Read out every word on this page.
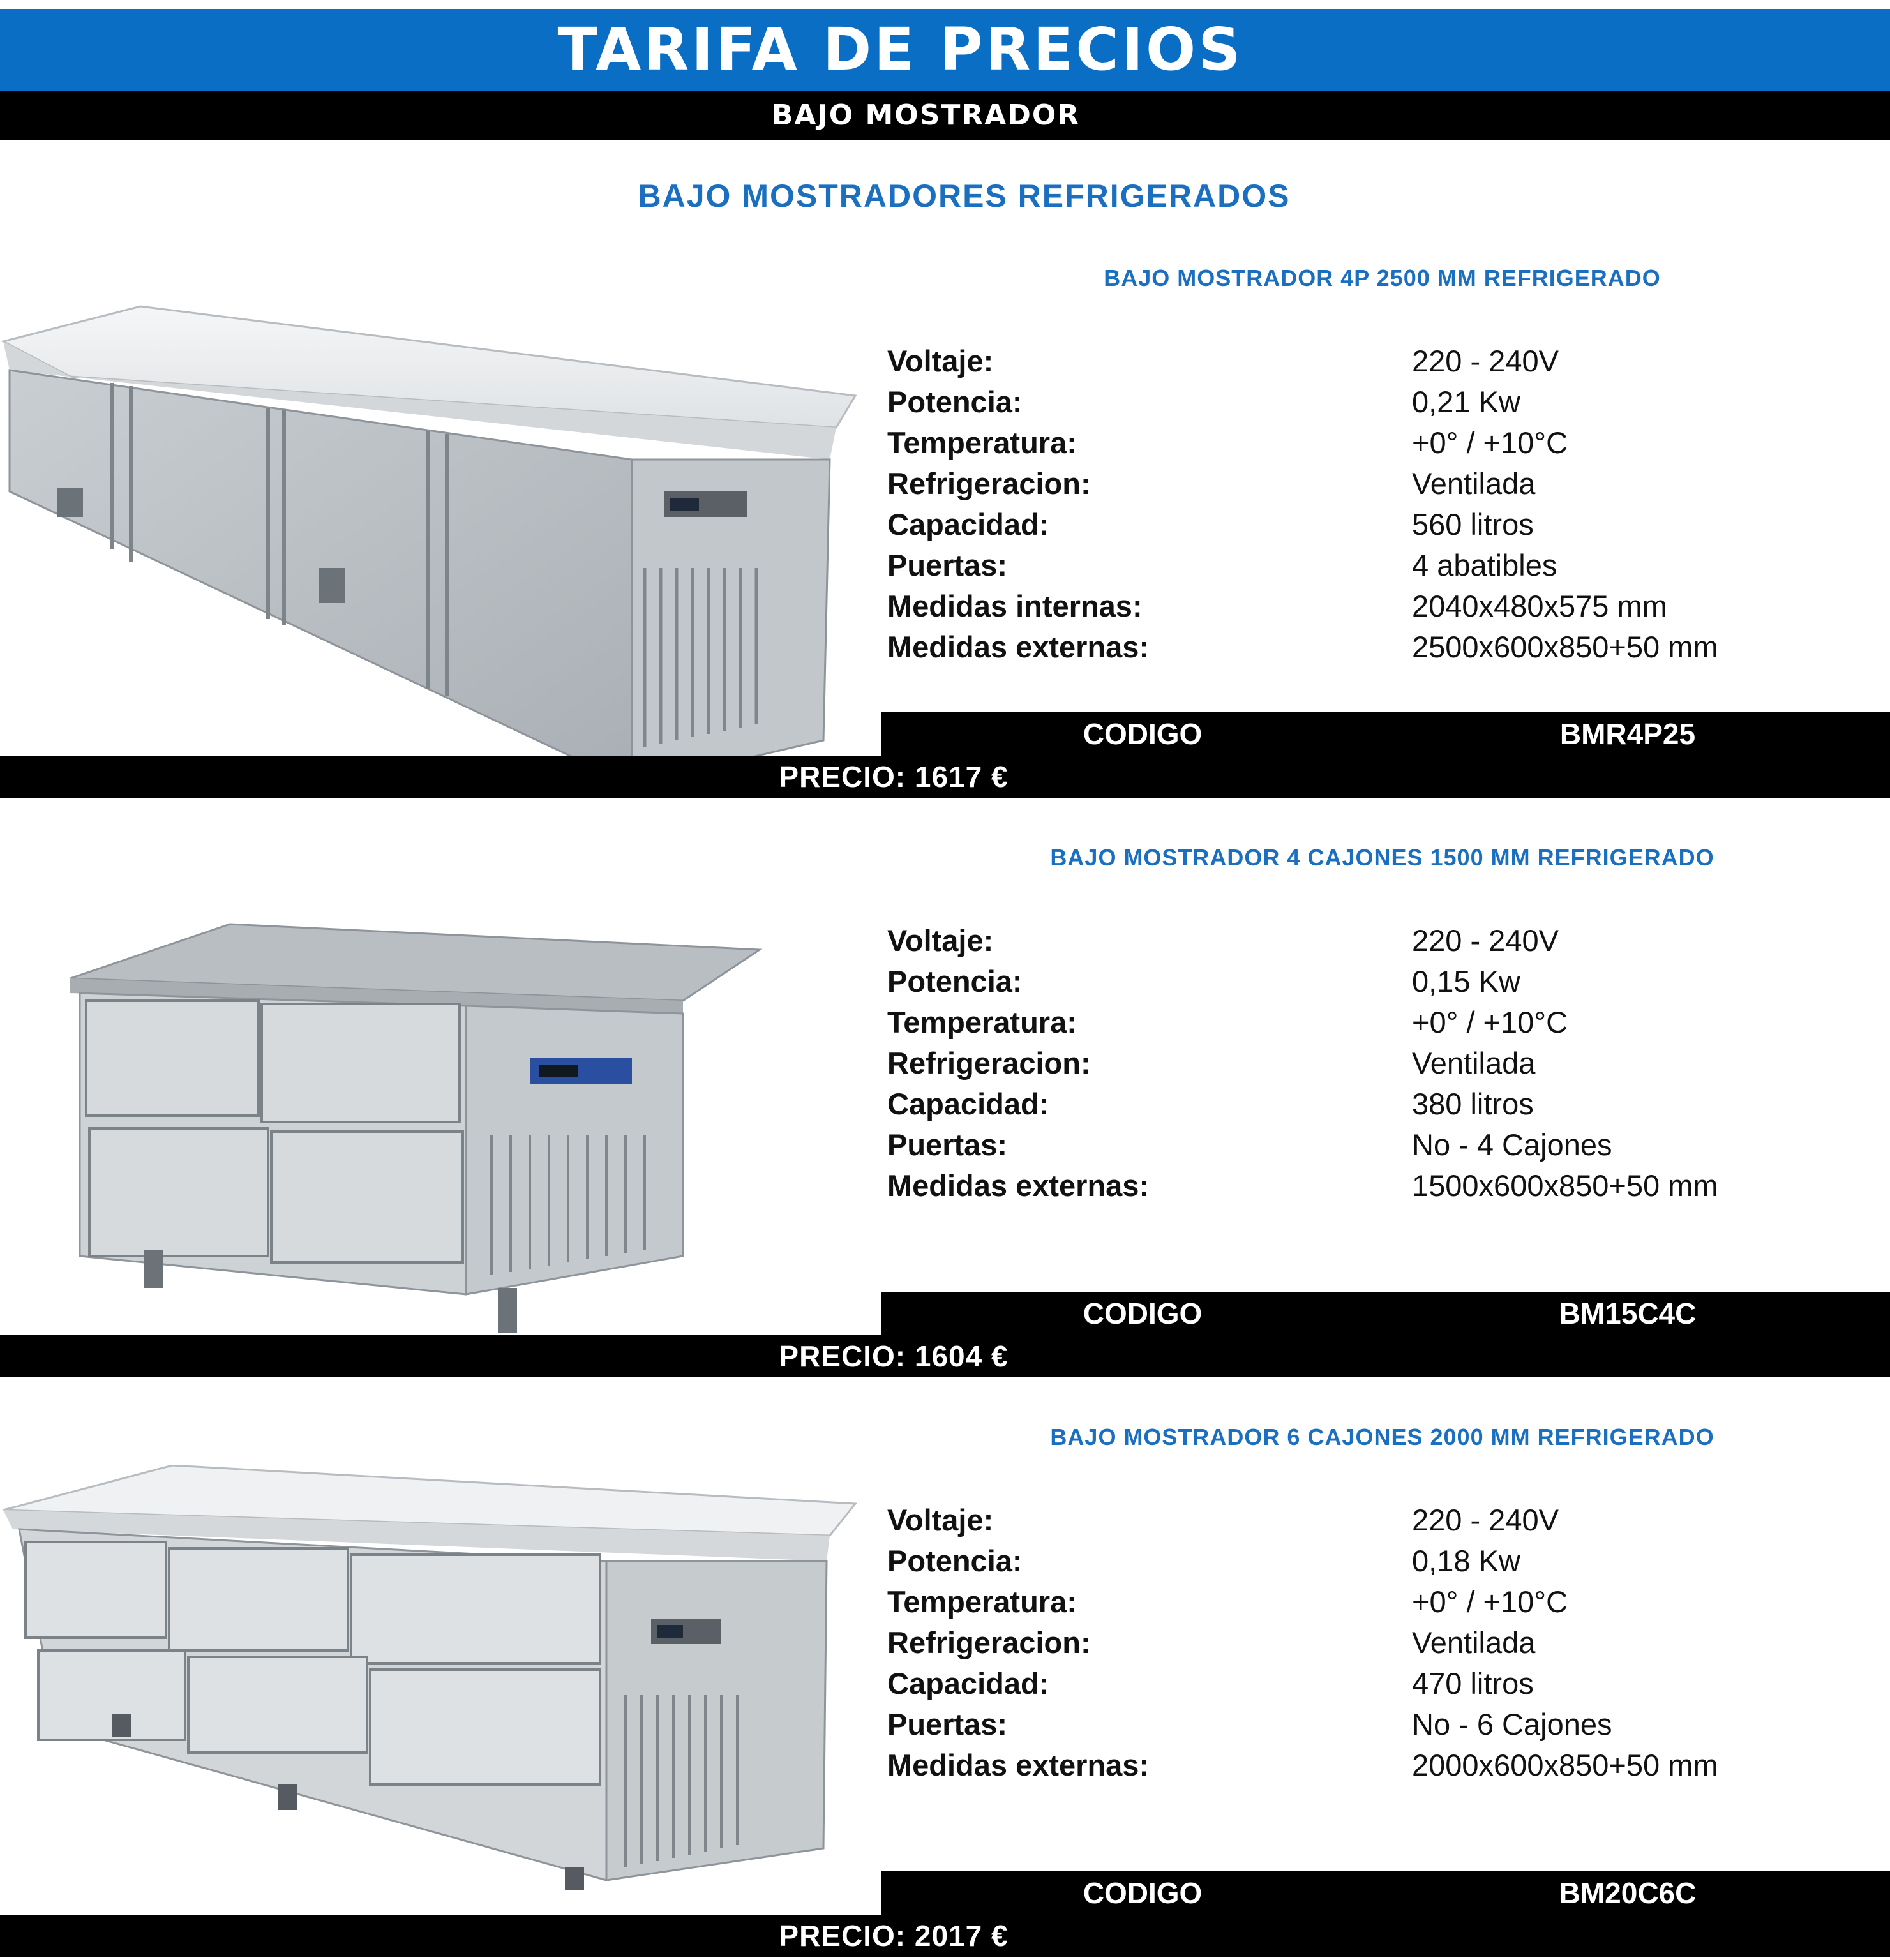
TARIFA DE PRECIOS
BAJO MOSTRADOR
BAJO MOSTRADORES REFRIGERADOS
BAJO MOSTRADOR 4P 2500 MM REFRIGERADO
Voltaje:	220 - 240V
Potencia:	0,21 Kw
Temperatura:	+0° / +10°C
Refrigeracion:	Ventilada
Capacidad:	560 litros
Puertas:	4 abatibles
Medidas internas:	2040x480x575 mm
Medidas externas:	2500x600x850+50 mm
CODIGO	BMR4P25
PRECIO: 1617 €
BAJO MOSTRADOR 4 CAJONES 1500 MM REFRIGERADO
Voltaje:	220 - 240V
Potencia:	0,15 Kw
Temperatura:	+0° / +10°C
Refrigeracion:	Ventilada
Capacidad:	380 litros
Puertas:	No - 4 Cajones
Medidas externas:	1500x600x850+50 mm
CODIGO	BM15C4C
PRECIO: 1604 €
BAJO MOSTRADOR 6 CAJONES 2000 MM REFRIGERADO
Voltaje:	220 - 240V
Potencia:	0,18 Kw
Temperatura:	+0° / +10°C
Refrigeracion:	Ventilada
Capacidad:	470 litros
Puertas:	No - 6 Cajones
Medidas externas:	2000x600x850+50 mm
CODIGO	BM20C6C
PRECIO: 2017 €
